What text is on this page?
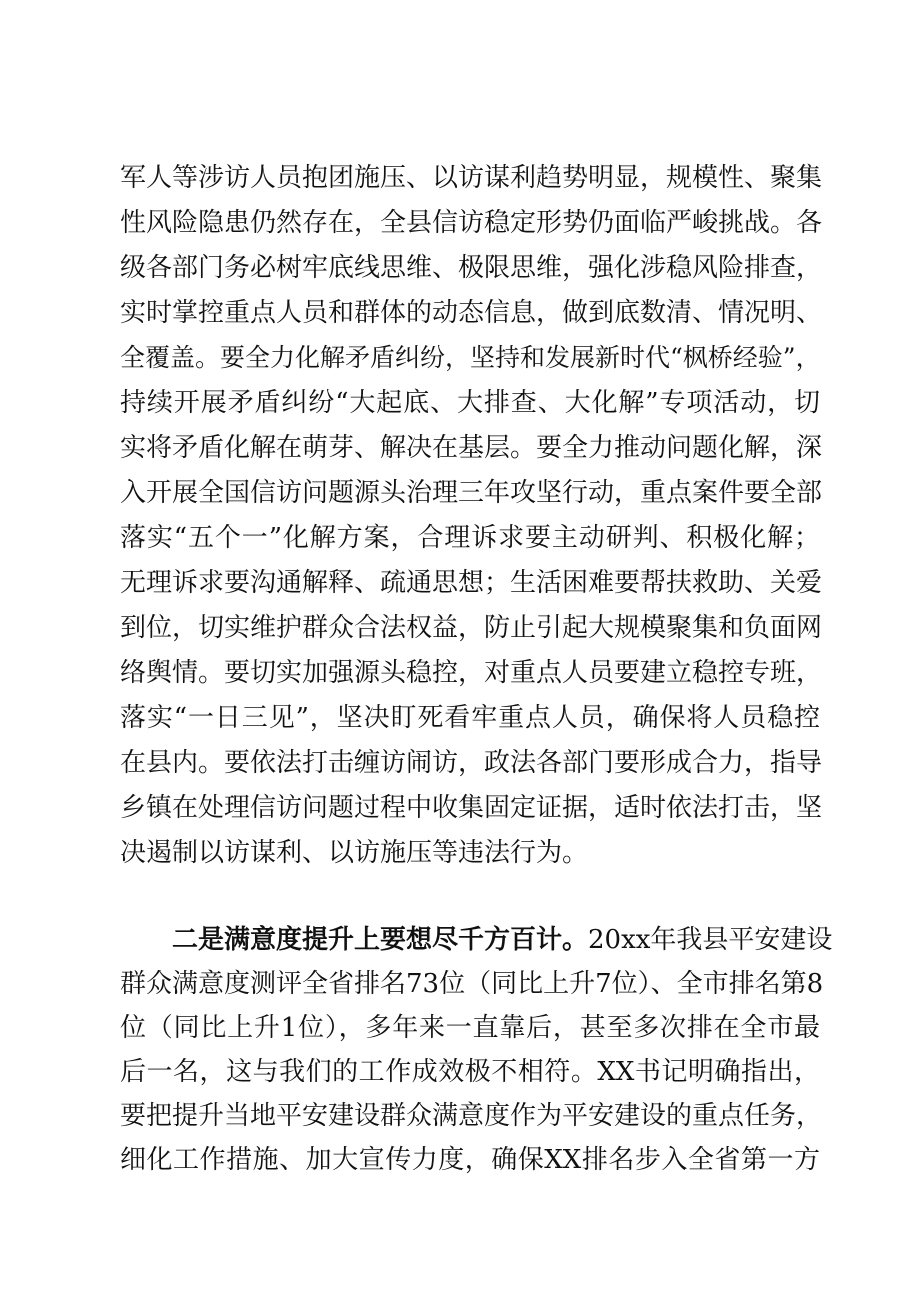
军人等涉访人员抱团施压、以访谋利趋势明显，规模性、聚集
性风险隐患仍然存在，全县信访稳定形势仍面临严峻挑战。各
级各部门务必树牢底线思维、极限思维，强化涉稳风险排查，
实时掌控重点人员和群体的动态信息，做到底数清、情况明、
全覆盖。要全力化解矛盾纠纷，坚持和发展新时代“枫桥经验”，
持续开展矛盾纠纷“大起底、大排查、大化解”专项活动，切
实将矛盾化解在萌芽、解决在基层。要全力推动问题化解，深
入开展全国信访问题源头治理三年攻坚行动，重点案件要全部
落实“五个一”化解方案，合理诉求要主动研判、积极化解；
无理诉求要沟通解释、疏通思想；生活困难要帮扶救助、关爱
到位，切实维护群众合法权益，防止引起大规模聚集和负面网
络舆情。要切实加强源头稳控，对重点人员要建立稳控专班，
落实“一日三见”，坚决盯死看牢重点人员，确保将人员稳控
在县内。要依法打击缠访闹访，政法各部门要形成合力，指导
乡镇在处理信访问题过程中收集固定证据，适时依法打击，坚
决遏制以访谋利、以访施压等违法行为。
二是满意度提升上要想尽千方百计。20xx年我县平安建设
群众满意度测评全省排名73位（同比上升7位）、全市排名第8
位（同比上升1位），多年来一直靠后，甚至多次排在全市最
后一名，这与我们的工作成效极不相符。XX书记明确指出，
要把提升当地平安建设群众满意度作为平安建设的重点任务，
细化工作措施、加大宣传力度，确保XX排名步入全省第一方
